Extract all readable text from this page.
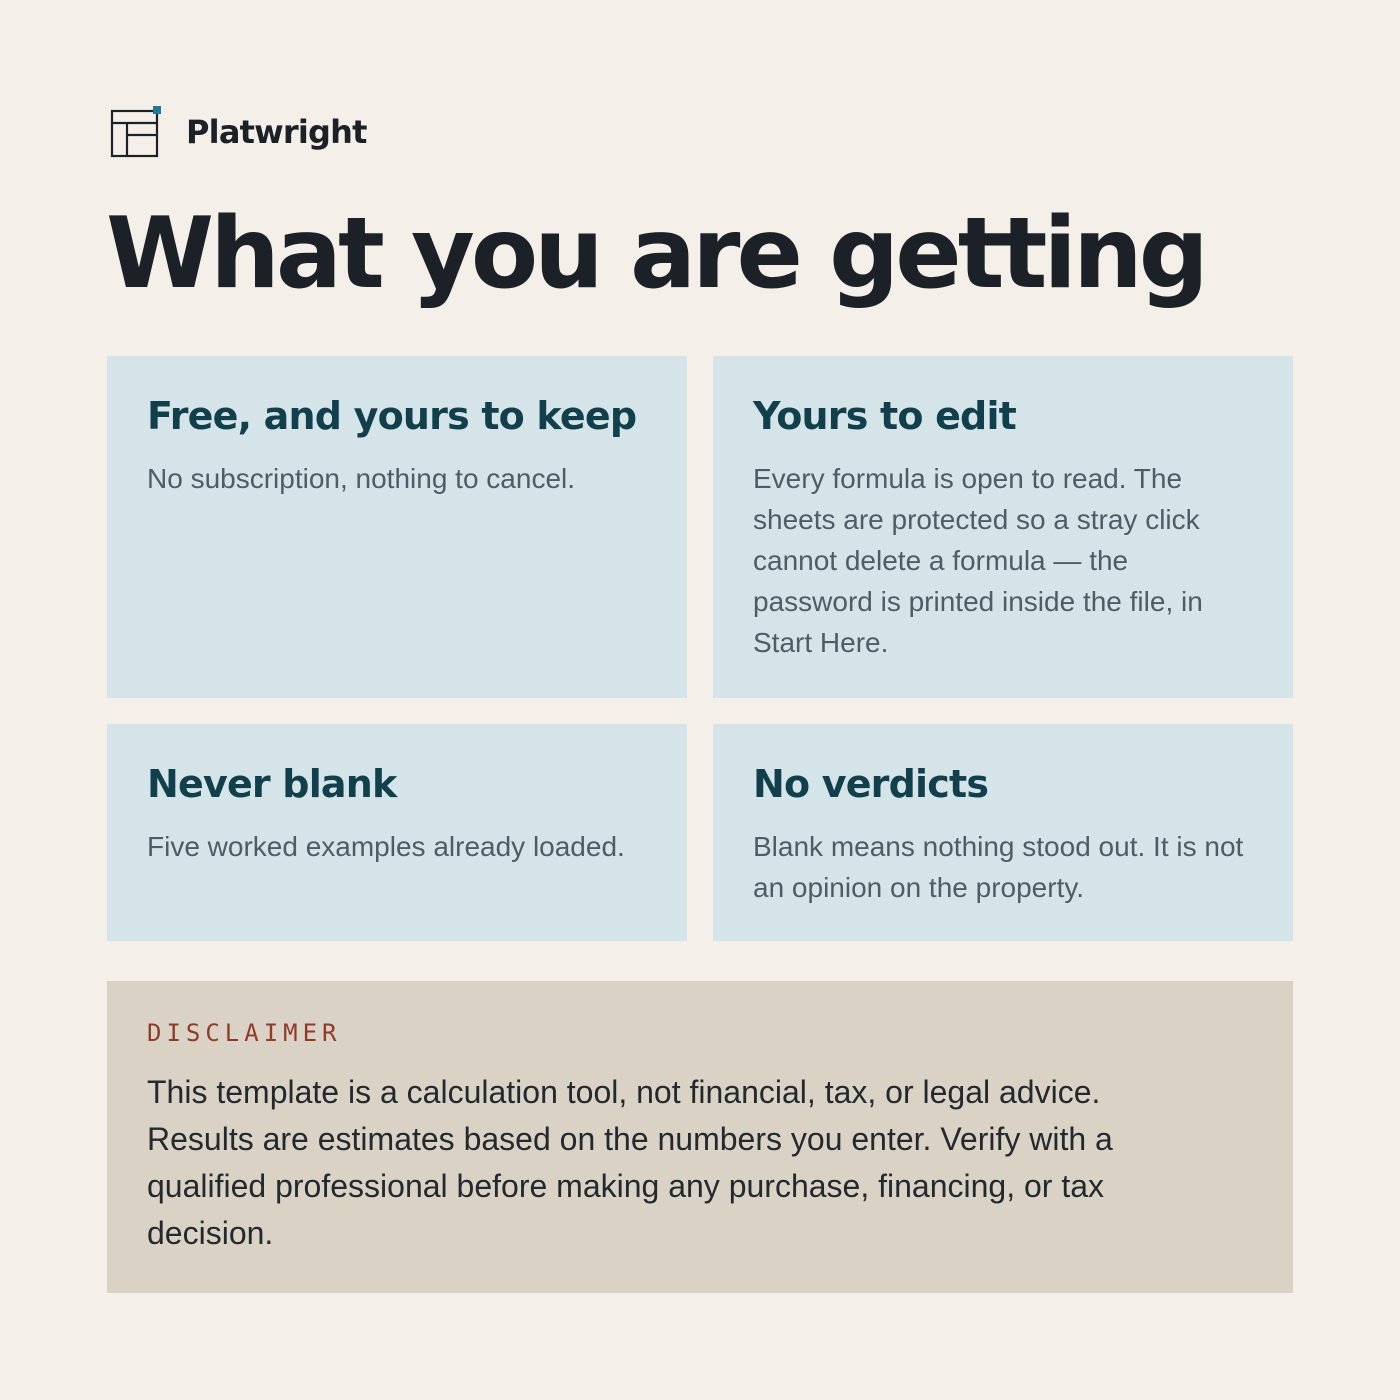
Platwright
What you are getting
Free, and yours to keep

No subscription, nothing to cancel.

Yours to edit

Every formula is open to read. The sheets are protected so a stray click cannot delete a formula — the password is printed inside the file, in Start Here.

Never blank

Five worked examples already loaded.

No verdicts

Blank means nothing stood out. It is not an opinion on the property.

DISCLAIMER

This template is a calculation tool, not financial, tax, or legal advice. Results are estimates based on the numbers you enter. Verify with a qualified professional before making any purchase, financing, or tax decision.
